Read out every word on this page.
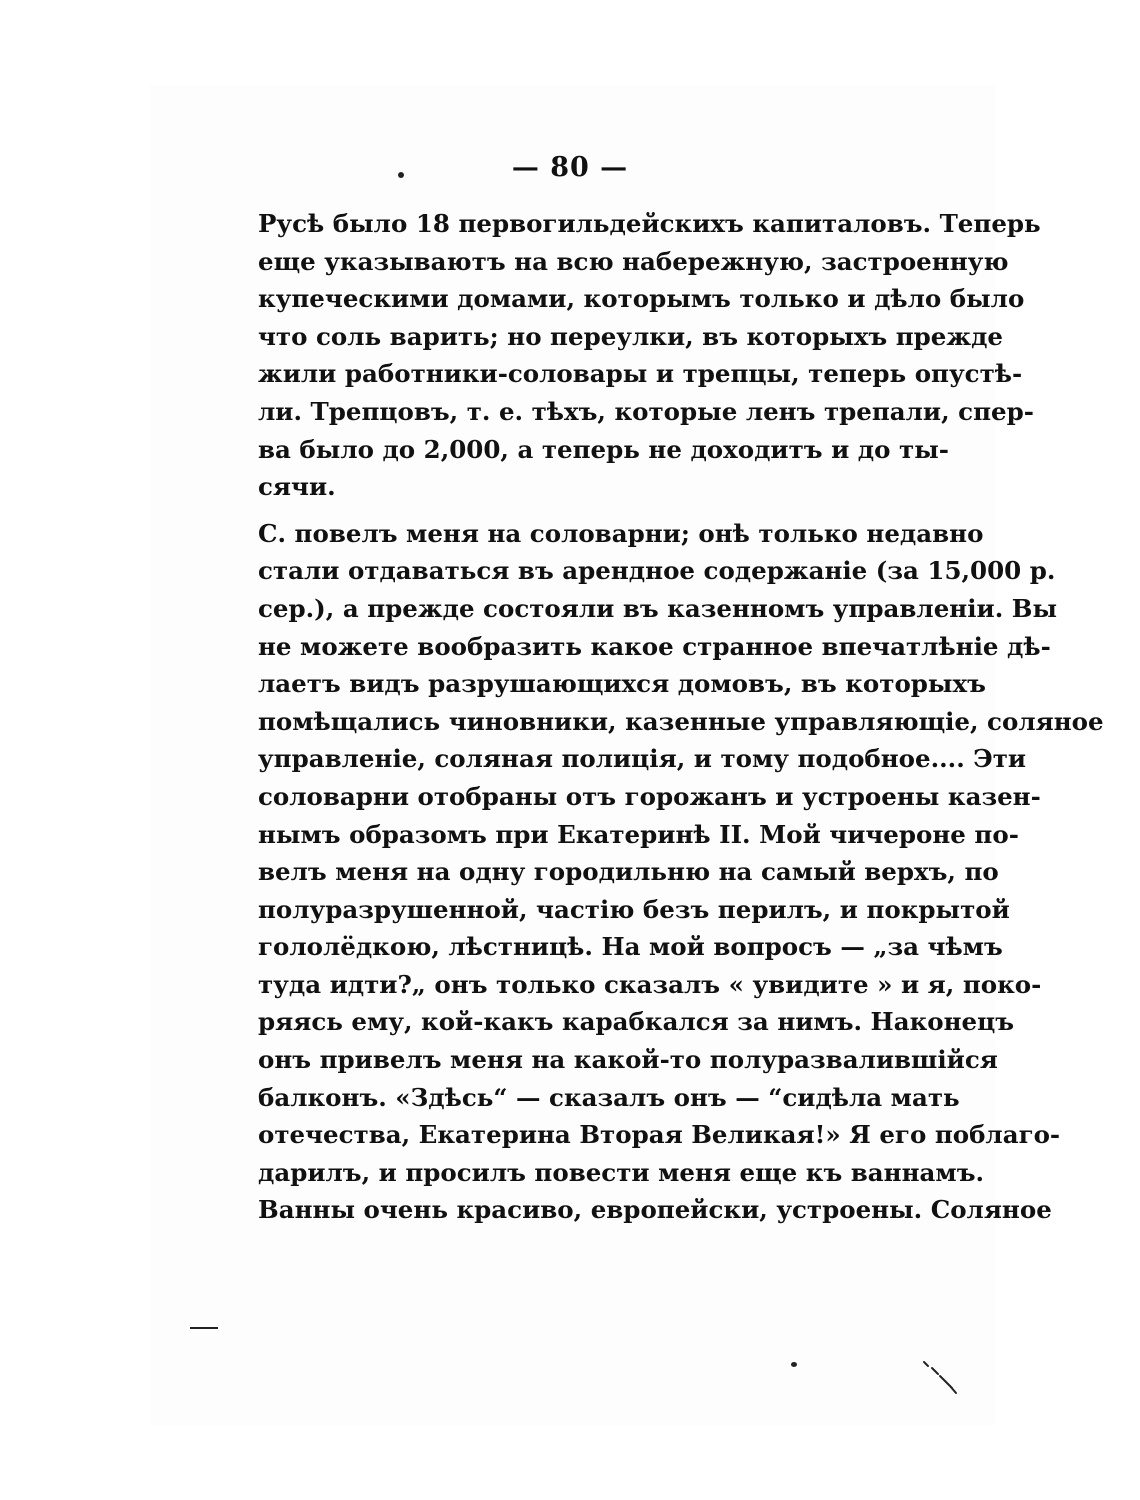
— 80 —
Русѣ было 18 первогильдейскихъ капиталовъ. Теперь
еще указываютъ на всю набережную, застроенную
купеческими домами, которымъ только и дѣло было
что соль варить; но переулки, въ которыхъ прежде
жили работники-соловары и трепцы, теперь опустѣ-
ли. Трепцовъ, т. е. тѣхъ, которые ленъ трепали, спер-
ва было до 2,000, а теперь не доходитъ и до ты-
сячи.
С. повелъ меня на соловарни; онѣ только недавно
стали отдаваться въ арендное содержаніе (за 15,000 р.
сер.), а прежде состояли въ казенномъ управленіи. Вы
не можете вообразить какое странное впечатлѣніе дѣ-
лаетъ видъ разрушающихся домовъ, въ которыхъ
помѣщались чиновники, казенные управляющіе, соляное
управленіе, соляная полиція, и тому подобное.... Эти
соловарни отобраны отъ горожанъ и устроены казен-
нымъ образомъ при Екатеринѣ II. Мой чичероне по-
велъ меня на одну городильню на самый верхъ, по
полуразрушенной, частію безъ перилъ, и покрытой
гололёдкою, лѣстницѣ. На мой вопросъ — „за чѣмъ
туда идти?„ онъ только сказалъ « увидите » и я, поко-
ряясь ему, кой-какъ карабкался за нимъ. Наконецъ
онъ привелъ меня на какой-то полуразвалившійся
балконъ. «Здѣсь“ — сказалъ онъ — “сидѣла мать
отечества, Екатерина Вторая Великая!» Я его поблаго-
дарилъ, и просилъ повести меня еще къ ваннамъ.
Ванны очень красиво, европейски, устроены. Соляное
